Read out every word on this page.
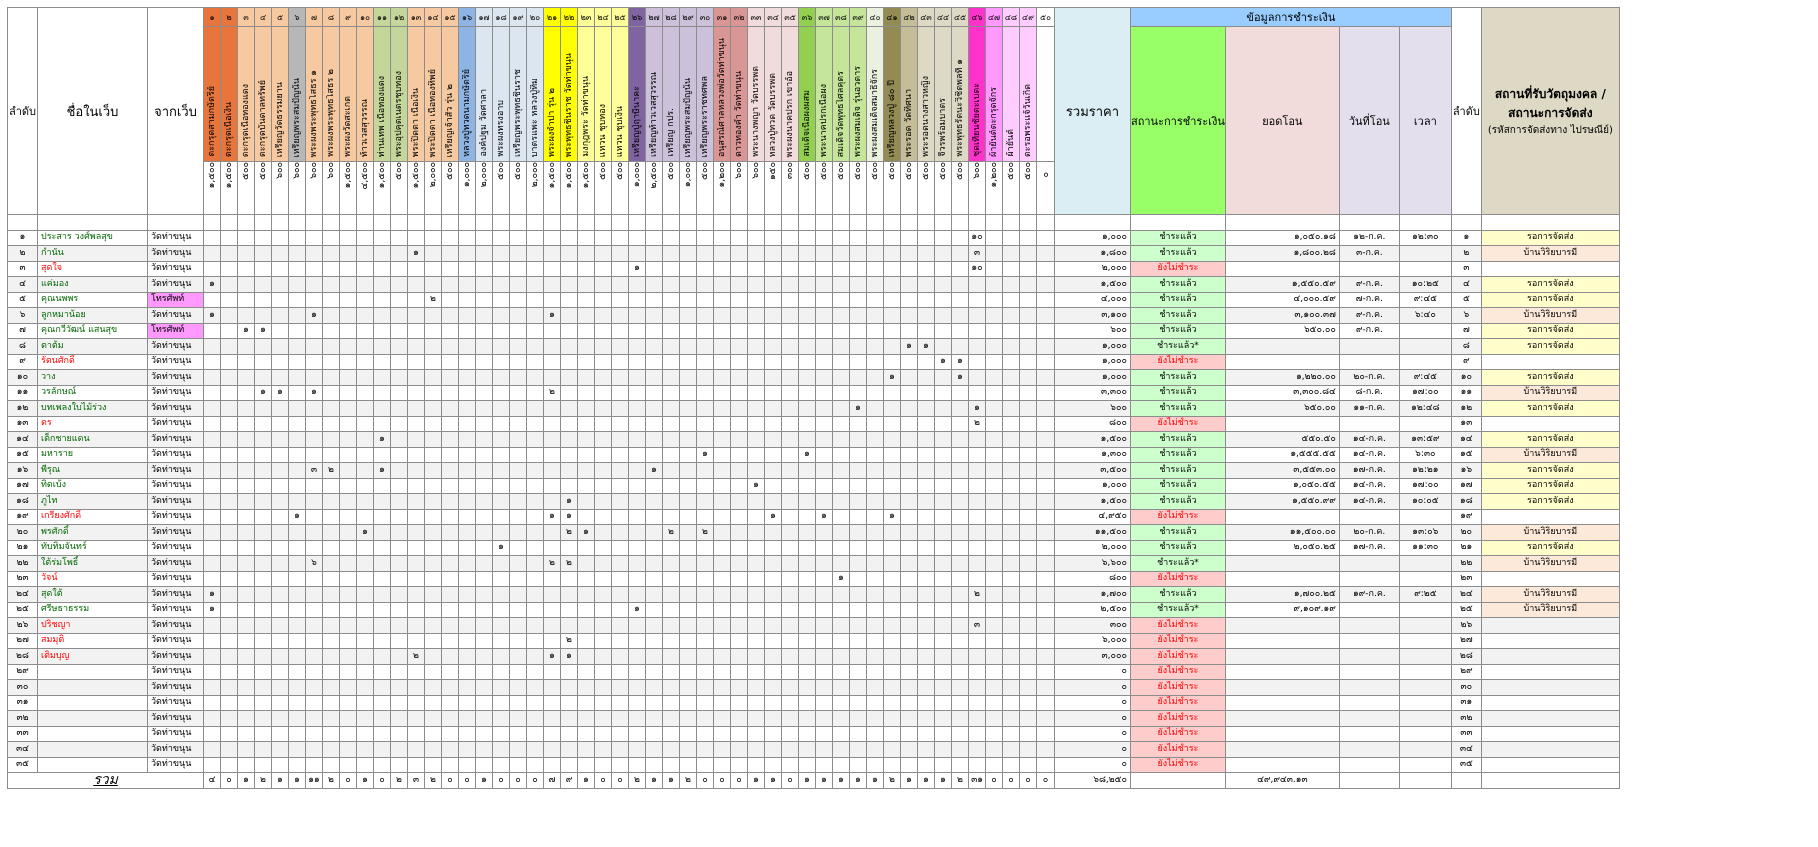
ลำดับ	ชื่อในเว็บ	จากเว็บ	๑	๒	๓	๔	๕	๖	๗	๘	๙	๑๐	๑๑	๑๒	๑๓	๑๔	๑๕	๑๖	๑๗	๑๘	๑๙	๒๐	๒๑	๒๒	๒๓	๒๔	๒๕	๒๖	๒๗	๒๘	๒๙	๓๐	๓๑	๓๒	๓๓	๓๔	๓๕	๓๖	๓๗	๓๘	๓๙	๔๐	๔๑	๔๒	๔๓	๔๔	๔๕	๔๖	๔๗	๔๘	๔๙	๕๐	รวมราคา	ข้อมูลการชำระเงิน				ลำดับ	สถานที่รับวัตถุมงคล / สถานะการจัดส่ง
(รหัสการจัดส่งทาง ไปรษณีย์)

			ตะกรุดสามกษัตริย์	ตะกรุดเนื้อเงิน	ตะกรุดเนื้อทองแดง	ตะกรุดบันดาลทรัพย์	เหรียญวัดธรรมยาน	เหรียญพระสมปัญนัน	พระผงพระพุทธโสธร ๑	พระผงพระพุทธโสธร ๒	พระผงวัดสะเกต	ท้าวเวสสุวรรณ	ท่านเทพ เนื้อทองแดง	พระอุปคุตเนตรชุบทอง	พระปิดตา เนื้อเงิน	พระปิดตา เนื้อทองทิพย์	เหรียญเจ้าสัว รุ่น ๒	หลวงปู่ทวดนามกษัตริย์	องค์ปฐม วัดศาลา	พระผงทรงอาบ	เหรียญพระพุทธชินราช	บาตรแพะ หลวงปู่ทิม	พระผงจำปา รุ่น ๒	พระพุทธชินราช วัดท่าขนุน	มงกุฎพระ วัดท่าขนุน	แหวน ชุบทอง	แหวน ชุบเงิน	เหรียญปู่ฤาษีนาคะ	เหรียญท้าวเวสสุวรรณ	เหรียญ กปร.	เหรียญพระสมปัญนัน	เหรียญพระราชทศพล	อนุสรณ์ศาลหลวงพ่อวัดท่าขนุน	ดาวทองคำ วัดท่าขนุน	พระนางพญา วัดบรรพต	หลวงปู่ทวด วัดบรรพต	พระผงนาคปรก เขาอ้อ	สมเด็จเนื้อผงผสม	พระนาคปรกเนื้อผง	สมเด็จวัดพุทธไศลคุตร	พระผงสมเด็จ รุ่นอวตาร	พระผงสมเด็จสมาธิจักร	เหรียญหลวงปู่ ๘๐ ปี	พระรอด วัดทิศนา	พระรอดนางสาวหญิง	จีวรพร้อมบาตร	พระพุทธรัตนะวิชิตพลที่ ๑	ชุดเทียนชัยตะเบตะ	ผ้ายันต์ตะกรุดจักร	ผ้ายันต์	ตะรอพระแจ้วันเกิด			สถานะการชำระเงิน	ยอดโอน	วันที่โอน	เวลา		
			๑,๕๐๐	๑,๕๐๐	๕๐๐	๕๐๐	๖๐๐	๖๐๐	๖๐๐	๖๐๐	๑,๕๐๐	๔,๕๐๐	๑,๕๐๐	๕๐๐	๑,๕๐๐	๒,๐๐๐	๕๐๐	๑,๐๐๐	๒,๐๐๐	๕๐๐	๕๐๐	๒,๐๐๐	๑,๕๐๐	๑,๕๐๐	๑,๕๐๐	๕๐๐	๕๐๐	๑,๐๐๐	๒,๕๐๐	๕๐๐	๑,๐๐๐	๕๐๐	๑,๒๐๐	๖๐๐	๖๐๐	๑๕๐	๓๐๐	๕๐๐	๕๐๐	๕๐๐	๕๐๐	๕๐๐	๕๐๐	๕๐๐	๕๐๐	๕๐๐	๕๐๐	๖๐๐	๑,๒๐๐	๕๐๐	๕๐๐	๐							

๑	ประสาร วงศ์พลสุข	วัดท่าขนุน																																														๑๐					๑,๐๐๐	ชำระแล้ว	๑,๐๕๐.๑๘	๑๒-ก.ค.	๑๒:๓๐	๑	รอการจัดส่ง
๒	กำนัน	วัดท่าขนุน													๑																																	๓					๑,๘๐๐	ชำระแล้ว	๑,๘๐๐.๒๘	๓-ก.ค.		๒	บ้านวิริยบารมี
๓	สุดใจ	วัดท่าขนุน																										๑																				๑๐					๒,๐๐๐	ยังไม่ชำระ				๓	
๔	แค่มอง	วัดท่าขนุน	๑																																																		๑,๕๐๐	ชำระแล้ว	๑,๕๕๐.๕๙	๙-ก.ค.	๑๐:๒๕	๔	รอการจัดส่ง
๕	คุณนพพร	โทรศัพท์														๒																																					๔,๐๐๐	ชำระแล้ว	๔,๐๐๐.๕๙	๗-ก.ค.	๙:๔๕	๕	รอการจัดส่ง
๖	ลูกหมาน้อย	วัดท่าขนุน	๑						๑														๑																														๓,๑๐๐	ชำระแล้ว	๓,๑๐๐.๓๗	๙-ก.ค.	๖:๔๐	๖	บ้านวิริยบารมี
๗	คุณกวีวัฒน์ แสนสุข	โทรศัพท์			๑	๑																																															๖๐๐	ชำระแล้ว	๖๕๐.๐๐	๙-ก.ค.		๗	รอการจัดส่ง
๘	ตาต้ม	วัดท่าขนุน																																										๑	๑								๑,๐๐๐	ชำระแล้ว*				๘	รอการจัดส่ง
๙	รัตนศักดิ์	วัดท่าขนุน																																												๑	๑						๑,๐๐๐	ยังไม่ชำระ				๙	
๑๐	วาง	วัดท่าขนุน																																									๑				๑						๑,๐๐๐	ชำระแล้ว	๑,๒๒๐.๐๐	๒๐-ก.ค.	๙:๔๕	๑๐	รอการจัดส่ง
๑๑	วรลักษณ์	วัดท่าขนุน				๑	๑		๑														๒																														๓,๓๐๐	ชำระแล้ว	๓,๓๐๐.๘๔	๘-ก.ค.	๑๗:๐๐	๑๑	บ้านวิริยบารมี
๑๒	บทเพลงใบไม้ร่วง	วัดท่าขนุน																																							๑							๑					๖๐๐	ชำระแล้ว	๖๕๐.๐๐	๑๑-ก.ค.	๑๒:๔๘	๑๒	รอการจัดส่ง
๑๓	ดร	วัดท่าขนุน																																														๒					๘๐๐	ยังไม่ชำระ				๑๓	
๑๔	เด็กชายแดน	วัดท่าขนุน											๑																																								๑,๕๐๐	ชำระแล้ว	๕๕๐.๕๐	๑๔-ก.ค.	๑๓:๕๙	๑๔	รอการจัดส่ง
๑๕	มหาราย	วัดท่าขนุน																														๑						๑															๑,๓๐๐	ชำระแล้ว	๑,๕๕๕.๕๕	๑๔-ก.ค.	๖:๓๐	๑๕	บ้านวิริยบารมี
๑๖	พีรุณ	วัดท่าขนุน							๓	๒			๑																๑																								๓,๕๐๐	ชำระแล้ว	๓,๕๕๓.๐๐	๑๗-ก.ค.	๑๒:๒๑	๑๖	รอการจัดส่ง
๑๗	ทิดเบ้ง	วัดท่าขนุน																																	๑																		๑,๐๐๐	ชำระแล้ว	๑,๐๕๐.๕๕	๑๔-ก.ค.	๑๗:๐๐	๑๗	รอการจัดส่ง
๑๘	ภูไท	วัดท่าขนุน																						๑																													๑,๕๐๐	ชำระแล้ว	๑,๕๕๐.๙๙	๑๔-ก.ค.	๑๐:๐๕	๑๘	รอการจัดส่ง
๑๙	เกรียงศักดิ์	วัดท่าขนุน						๑															๑	๑												๑			๑				๑										๔,๙๕๐	ยังไม่ชำระ				๑๙	
๒๐	พรศักดิ์	วัดท่าขนุน										๑												๒	๑					๒		๒																					๑๑,๕๐๐	ชำระแล้ว	๑๑,๕๐๐.๐๐	๒๐-ก.ค.	๑๓:๐๖	๒๐	บ้านวิริยบารมี
๒๑	ทับทิมจันทร์	วัดท่าขนุน																		๑																																	๒,๐๐๐	ชำระแล้ว	๒,๐๕๐.๒๕	๑๗-ก.ค.	๑๑:๓๐	๒๑	รอการจัดส่ง
๒๒	ใต้ร่มโพธิ์	วัดท่าขนุน							๖														๒	๒																													๖,๖๐๐	ชำระแล้ว*				๒๒	บ้านวิริยบารมี
๒๓	วัจน์	วัดท่าขนุน																																						๑													๘๐๐	ยังไม่ชำระ				๒๓	
๒๔	สุดใต้	วัดท่าขนุน	๑																																													๒					๑,๗๐๐	ชำระแล้ว	๑,๗๐๐.๒๕	๑๙-ก.ค.	๙:๒๕	๒๔	บ้านวิริยบารมี
๒๕	ศรีษธาธรรม	วัดท่าขนุน	๑																									๑																									๒,๕๐๐	ชำระแล้ว*	๙,๑๐๙.๑๙			๒๕	บ้านวิริยบารมี
๒๖	ปริชญา	วัดท่าขนุน																																														๓					๓๐๐	ยังไม่ชำระ				๒๖	
๒๗	สมมุติ	วัดท่าขนุน																						๒																													๖,๐๐๐	ยังไม่ชำระ				๒๗	
๒๘	เติมบุญ	วัดท่าขนุน													๒								๑	๑																													๓,๐๐๐	ยังไม่ชำระ				๒๘	
๒๙		วัดท่าขนุน																																																			๐	ยังไม่ชำระ				๒๙	
๓๐		วัดท่าขนุน																																																			๐	ยังไม่ชำระ				๓๐	
๓๑		วัดท่าขนุน																																																			๐	ยังไม่ชำระ				๓๑	
๓๒		วัดท่าขนุน																																																			๐	ยังไม่ชำระ				๓๒	
๓๓		วัดท่าขนุน																																																			๐	ยังไม่ชำระ				๓๓	
๓๔		วัดท่าขนุน																																																			๐	ยังไม่ชำระ				๓๔	
๓๕		วัดท่าขนุน																																																			๐	ยังไม่ชำระ				๓๕	
รวม			๔	๐	๑	๒	๑	๑	๑๑	๒	๐	๑	๐	๒	๓	๒	๐	๐	๑	๐	๐	๐	๗	๙	๑	๐	๐	๒	๑	๑	๒	๐	๐	๐	๑	๑	๐	๑	๑	๑	๑	๑	๒	๑	๑	๑	๒	๓๑	๐	๐	๐	๐	๖๘,๒๕๐		๔๙,๙๔๓.๑๓				
